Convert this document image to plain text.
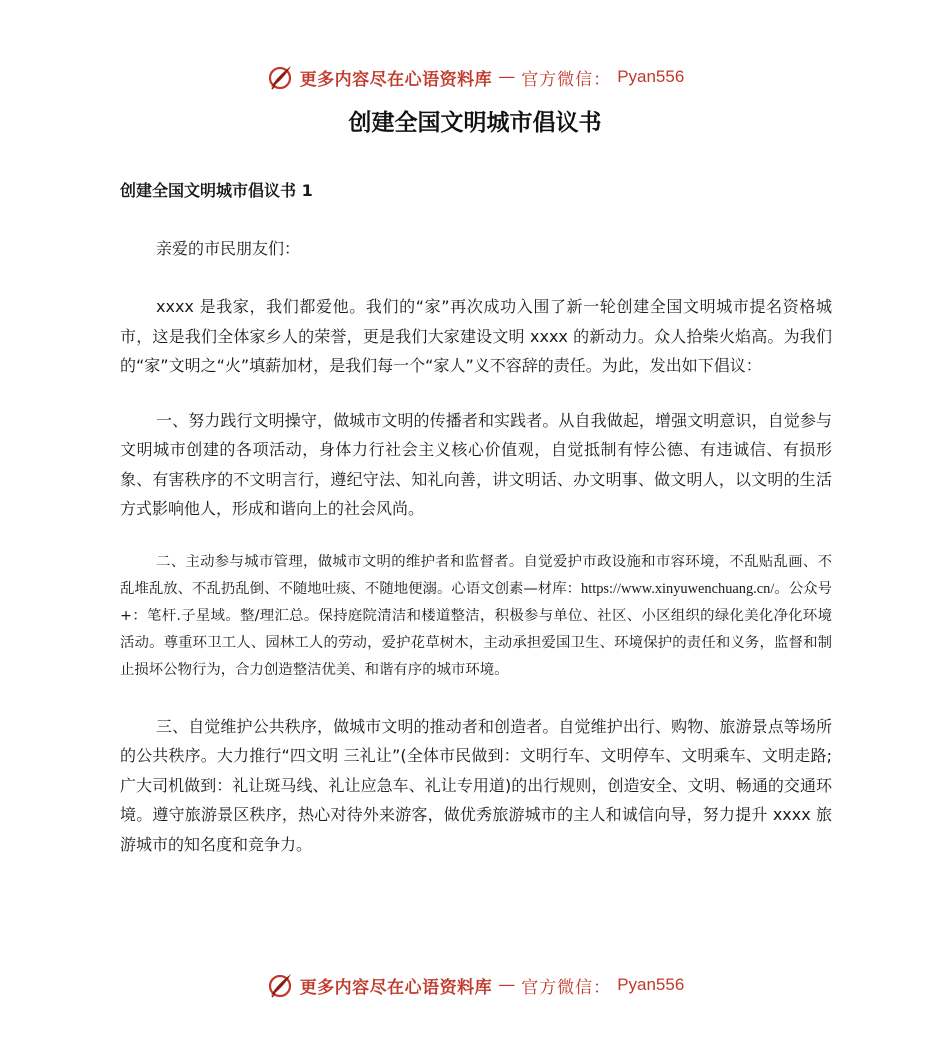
更多内容尽在心语资料库 — 官方微信： Pyan556
创建全国文明城市倡议书

创建全国文明城市倡议书 1

亲爱的市民朋友们：

xxxx 是我家，我们都爱他。我们的“家”再次成功入围了新一轮创建全国文明城市提名资格城市，这是我们全体家乡人的荣誉，更是我们大家建设文明 xxxx 的新动力。众人拾柴火焰高。为我们的“家”文明之“火”填薪加材，是我们每一个“家人”义不容辞的责任。为此，发出如下倡议：

一、努力践行文明操守，做城市文明的传播者和实践者。从自我做起，增强文明意识，自觉参与文明城市创建的各项活动，身体力行社会主义核心价值观，自觉抵制有悖公德、有违诚信、有损形象、有害秩序的不文明言行，遵纪守法、知礼向善，讲文明话、办文明事、做文明人，以文明的生活方式影响他人，形成和谐向上的社会风尚。

二、主动参与城市管理，做城市文明的维护者和监督者。自觉爱护市政设施和市容环境，不乱贴乱画、不乱堆乱放、不乱扔乱倒、不随地吐痰、不随地便溺。心语文创素—材库：https://www.xinyuwenchuang.cn/。公众号+：笔杆.子星域。整/理汇总。保持庭院清洁和楼道整洁，积极参与单位、社区、小区组织的绿化美化净化环境活动。尊重环卫工人、园林工人的劳动，爱护花草树木，主动承担爱国卫生、环境保护的责任和义务，监督和制止损坏公物行为，合力创造整洁优美、和谐有序的城市环境。

三、自觉维护公共秩序，做城市文明的推动者和创造者。自觉维护出行、购物、旅游景点等场所的公共秩序。大力推行“四文明 三礼让”(全体市民做到：文明行车、文明停车、文明乘车、文明走路;广大司机做到：礼让斑马线、礼让应急车、礼让专用道)的出行规则，创造安全、文明、畅通的交通环境。遵守旅游景区秩序，热心对待外来游客，做优秀旅游城市的主人和诚信向导，努力提升 xxxx 旅游城市的知名度和竞争力。

更多内容尽在心语资料库 — 官方微信： Pyan556
